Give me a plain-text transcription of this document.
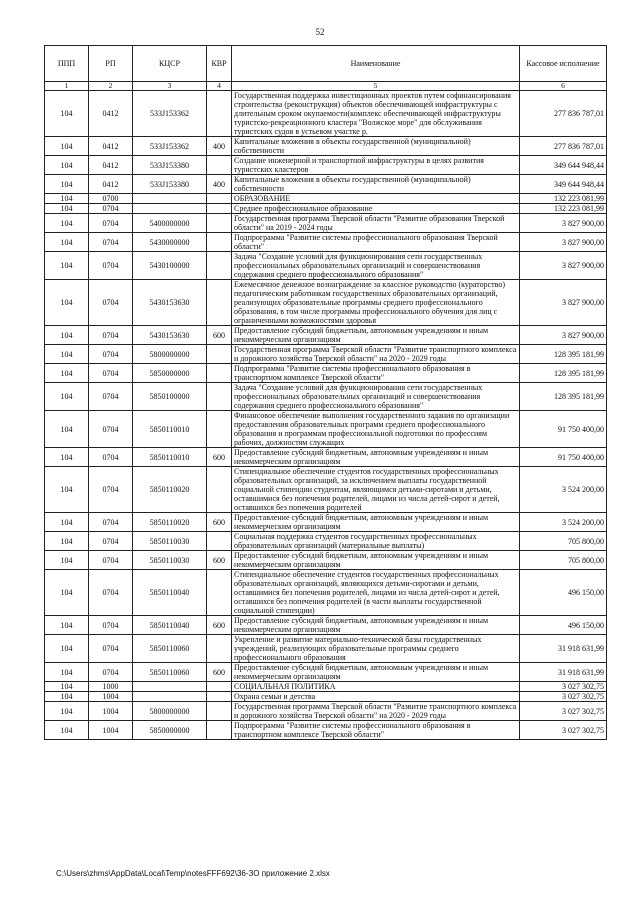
52
ППП	РП	КЦСР	КВР	Наименование	Кассовое исполнение
1	2	3	4	5	6
104	0412	533J153362		Государственная поддержка инвестиционных проектов путем софинансирования строительства (реконструкция) объектов обеспечивающей инфраструктуры с длительным сроком окупаемости(комплекс обеспечивающей инфраструктуры туристско-рекреационного кластера "Волжское море" для обслуживания туристских судов в устьевом участке р.	277 836 787,01
104	0412	533J153362	400	Капитальные вложения в объекты государственной (муниципальной) собственности	277 836 787,01
104	0412	533J153380		Создание инженерной и транспортной инфраструктуры в целях развития туристских кластеров	349 644 948,44
104	0412	533J153380	400	Капитальные вложения в объекты государственной (муниципальной) собственности	349 644 948,44
104	0700			ОБРАЗОВАНИЕ	132 223 081,99
104	0704			Среднее профессиональное образование	132 223 081,99
104	0704	5400000000		Государственная программа Тверской области "Развитие образования Тверской области" на 2019 - 2024 годы	3 827 900,00
104	0704	5430000000		Подпрограмма "Развитие системы профессионального образования Тверской области"	3 827 900,00
104	0704	5430100000		Задача "Создание условий для функционирования сети государственных профессиональных образовательных организаций и совершенствования содержания среднего профессионального образования"	3 827 900,00
104	0704	5430153630		Ежемесячное денежное вознаграждение за классное руководство (кураторство) педагогическим работникам государственных образовательных организаций, реализующих образовательные программы среднего профессионального образования, в том числе программы профессионального обучения для лиц с ограниченными возможностями здоровья	3 827 900,00
104	0704	5430153630	600	Предоставление субсидий бюджетным, автономным учреждениям и иным некоммерческим организациям	3 827 900,00
104	0704	5800000000		Государственная программа Тверской области "Развитие транспортного комплекса и дорожного хозяйства Тверской области" на 2020 - 2029 годы	128 395 181,99
104	0704	5850000000		Подпрограмма "Развитие системы профессионального образования в транспортном комплексе Тверской области"	128 395 181,99
104	0704	5850100000		Задача "Создание условий для функционирования сети государственных профессиональных образовательных организаций и совершенствования содержания среднего профессионального образования"	128 395 181,99
104	0704	5850110010		Финансовое обеспечение выполнения государственного задания по организации предоставления образовательных программ среднего профессионального образования и программам профессиональной подготовки по профессиям рабочих, должностям служащих	91 750 400,00
104	0704	5850110010	600	Предоставление субсидий бюджетным, автономным учреждениям и иным некоммерческим организациям	91 750 400,00
104	0704	5850110020		Стипендиальное обеспечение студентов государственных профессиональных образовательных организаций, за исключением выплаты государственной социальной стипендии студентам, являющимся детьми-сиротами и детьми, оставшимися без попечения родителей, лицами из числа детей-сирот и детей, оставшихся без попечения родителей	3 524 200,00
104	0704	5850110020	600	Предоставление субсидий бюджетным, автономным учреждениям и иным некоммерческим организациям	3 524 200,00
104	0704	5850110030		Социальная поддержка студентов государственных профессиональных образовательных организаций (материальные выплаты)	705 800,00
104	0704	5850110030	600	Предоставление субсидий бюджетным, автономным учреждениям и иным некоммерческим организациям	705 800,00
104	0704	5850110040		Стипендиальное обеспечение студентов государственных профессиональных образовательных организаций, являющихся детьми-сиротами и детьми, оставшимися без попечения родителей, лицами из числа детей-сирот и детей, оставшихся без попечения родителей (в части выплаты государственной социальной стипендии)	496 150,00
104	0704	5850110040	600	Предоставление субсидий бюджетным, автономным учреждениям и иным некоммерческим организациям	496 150,00
104	0704	5850110060		Укрепление и развитие материально-технической базы государственных учреждений, реализующих образовательные программы среднего профессионального образования	31 918 631,99
104	0704	5850110060	600	Предоставление субсидий бюджетным, автономным учреждениям и иным некоммерческим организациям	31 918 631,99
104	1000			СОЦИАЛЬНАЯ ПОЛИТИКА	3 027 302,75
104	1004			Охрана семьи и детства	3 027 302,75
104	1004	5800000000		Государственная программа Тверской области "Развитие транспортного комплекса и дорожного хозяйства Тверской области" на 2020 - 2029 годы	3 027 302,75
104	1004	5850000000		Подпрограмма "Развитие системы профессионального образования в транспортном комплексе Тверской области"	3 027 302,75
C:\Users\zhms\AppData\Local\Temp\notesFFF692\36-ЗО приложение 2.xlsx
